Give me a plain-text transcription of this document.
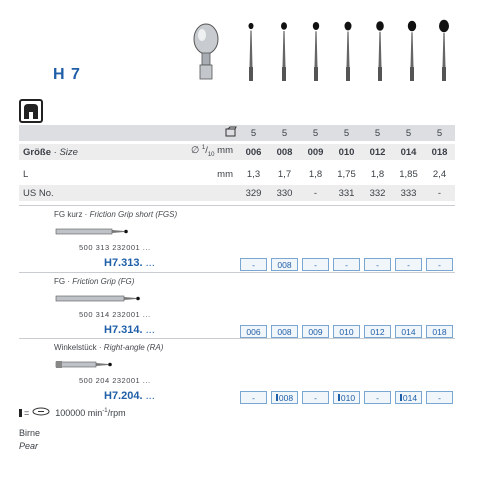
H 7
5	5	5	5	5	5	5
Größe · Size	∅ $^1/_{10}$ mm	006	008	009	010	012	014	018
L	mm	1,3	1,7	1,8	1,75	1,8	1,85	2,4
US No.	329	330	-	331	332	333	-
FG kurz · Friction Grip short (FGS)
500 313 232001 ...
H7.313. ...	-	008	-	-	-	-	-
FG · Friction Grip (FG)
500 314 232001 ...
H7.314. ...	006 008 009 010 012 014 018
Winkelstück · Right-angle (RA)
500 204 232001 ...
H7.204. ...	-	008 -	010 -	014 -
=	100000 $\min^{-1}$/rpm
Birne
Pear
